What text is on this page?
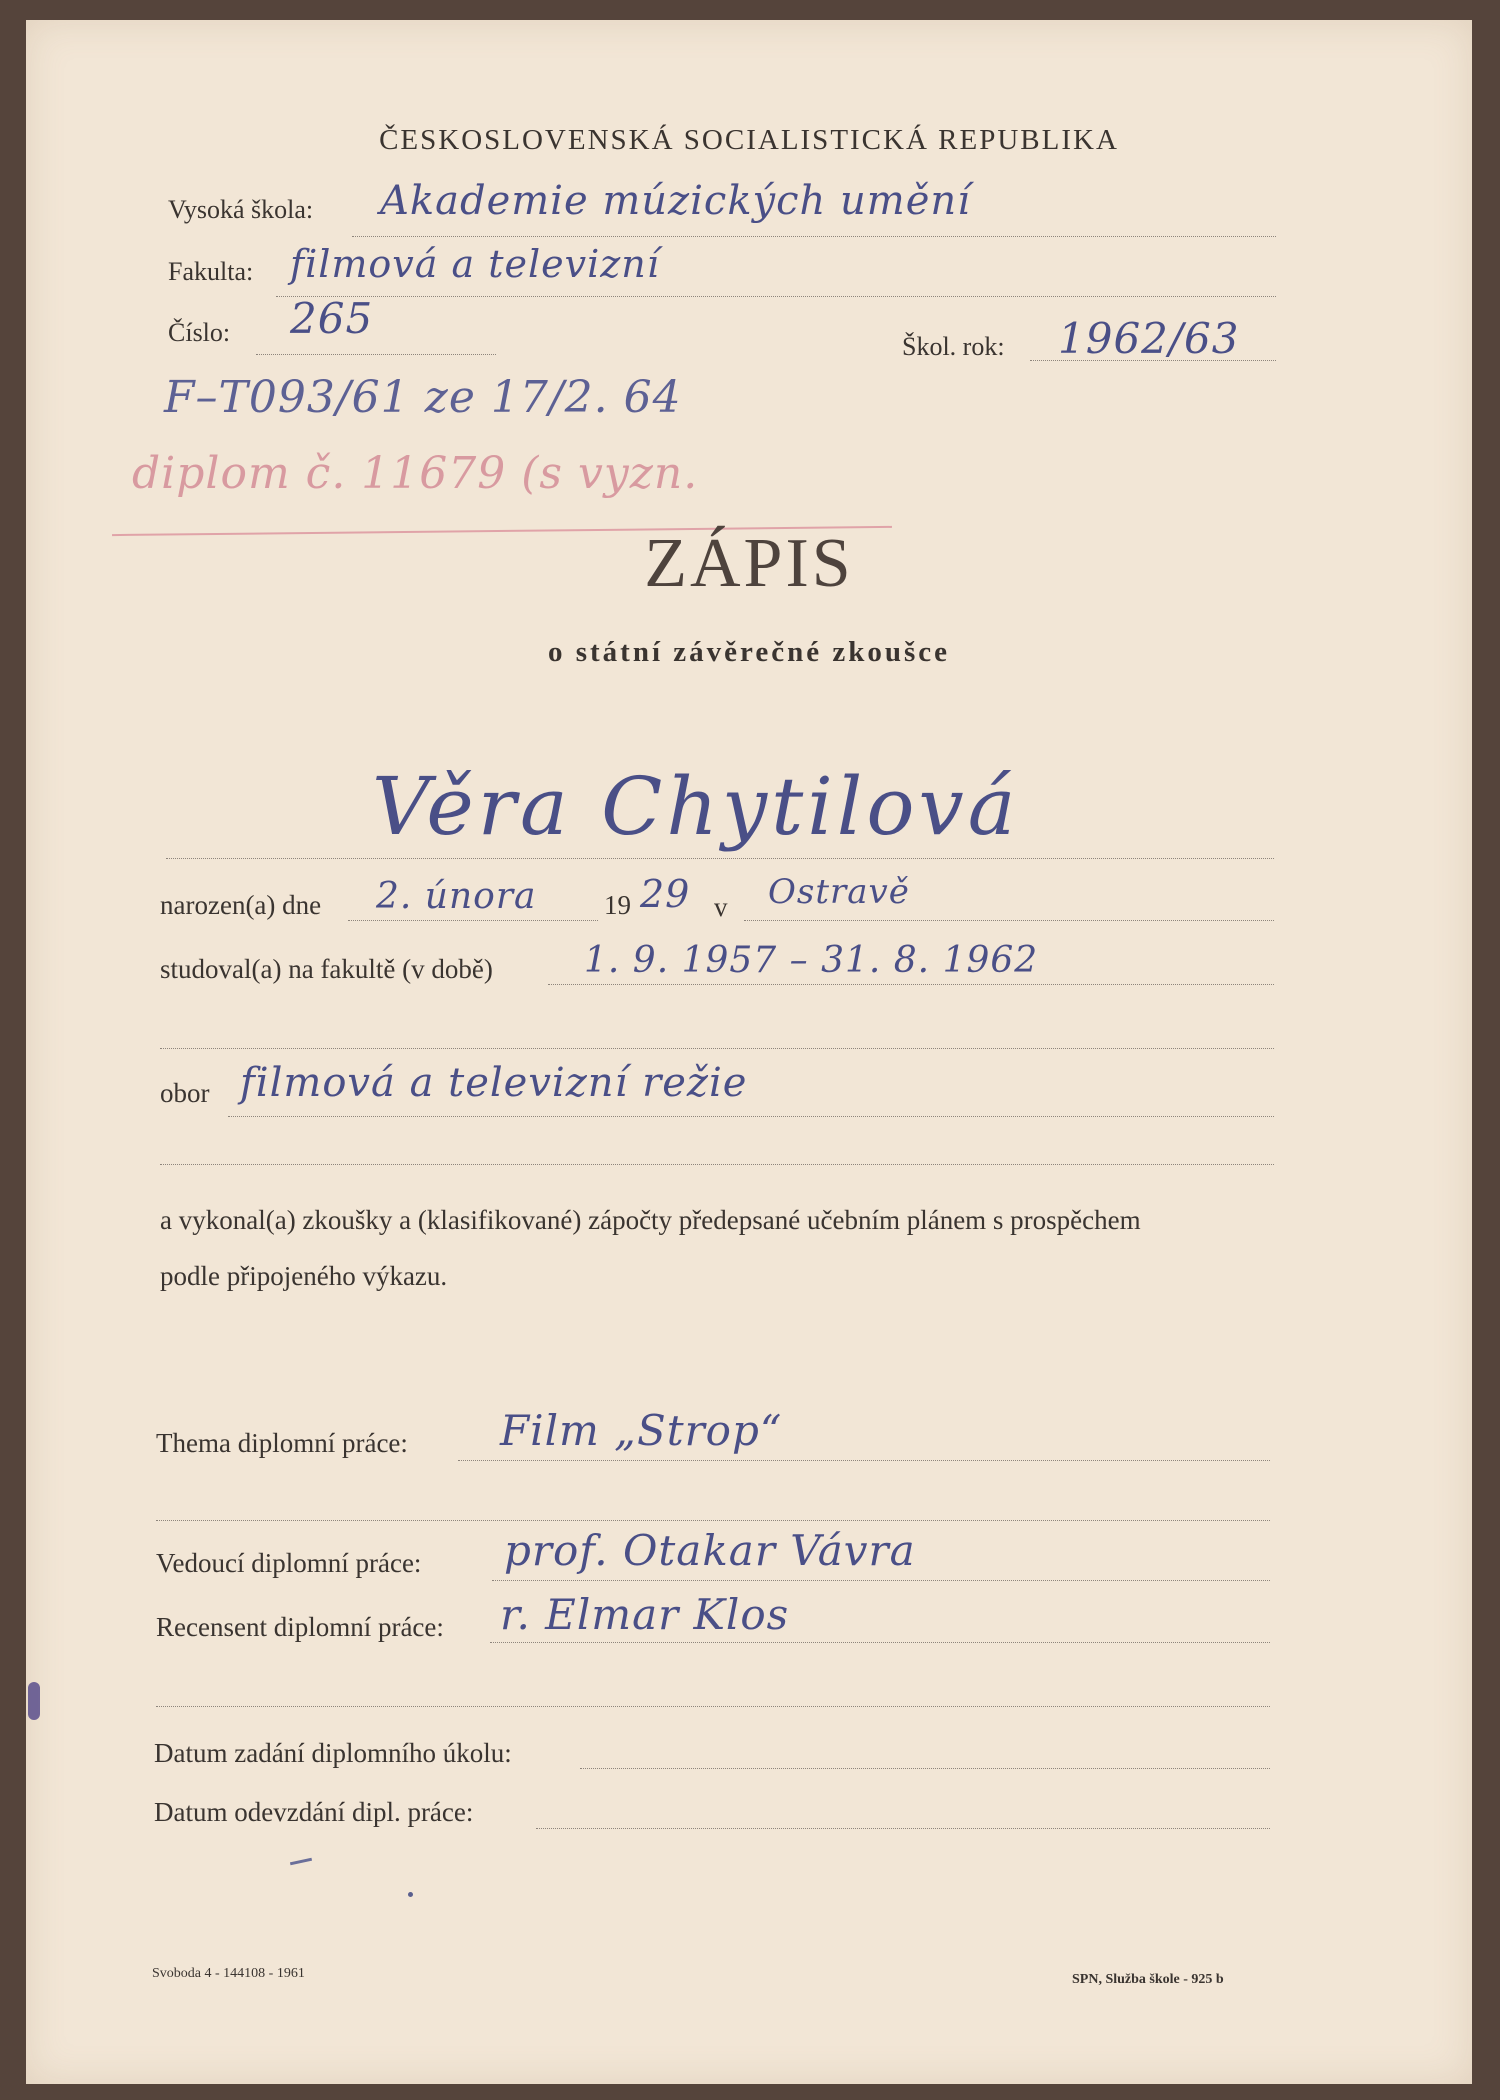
ČESKOSLOVENSKÁ SOCIALISTICKÁ REPUBLIKA
Vysoká škola: Akademie múzických umění
Fakulta: filmová a televizní
Číslo: 265
Škol. rok: 1962/63
F–T093/61 ze 17/2. 64
diplom č. 11679 (s vyzn.
ZÁPIS
o státní závěrečné zkoušce
Věra Chytilová
narozen(a) dne 2. února 19 29 v Ostravě
studoval(a) na fakultě (v době)	1. 9. 1957 – 31. 8. 1962
obor filmová a televizní režie
a vykonal(a) zkoušky a (klasifikované) zápočty předepsané učebním plánem s prospěchem
podle připojeného výkazu.
Thema diplomní práce: Film „Strop“
Vedoucí diplomní práce: prof. Otakar Vávra
Recensent diplomní práce: r. Elmar Klos
Datum zadání diplomního úkolu:
Datum odevzdání dipl. práce:
Svoboda 4 - 144108 - 1961	SPN, Služba škole - 925 b
